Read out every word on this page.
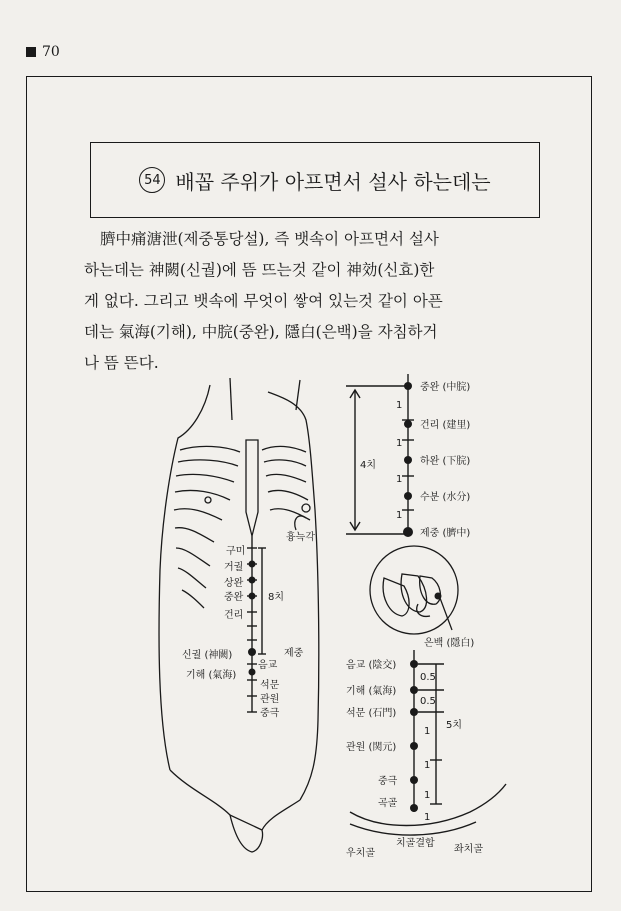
70
54 배꼽 주위가 아프면서 설사 하는데는
臍中痛溏泄(제중통당설), 즉 뱃속이 아프면서 설사
하는데는 神闕(신궐)에 뜸 뜨는것 같이 神効(신효)한
게 없다. 그리고 뱃속에 무엇이 쌓여 있는것 같이 아픈
데는 氣海(기해), 中脘(중완), 隱白(은백)을 자침하거
나 뜸 뜬다.
흉늑각
구미
거궐
상완
중완
건리
8치
신궐 (神闕)	제중
음교
기해 (氣海)
석문
관원
중극
중완 (中脘)
건리 (建里)
하완 (下脘)
수분 (水分)
제중 (臍中)
4치
1
1
1
1
은백 (隱白)
음교 (陰交)
기해 (氣海)
석문 (石門)
관원 (関元)
중극
곡골
5치
0.5
0.5
1
1
1
1
우치골
치골결합
좌치골
